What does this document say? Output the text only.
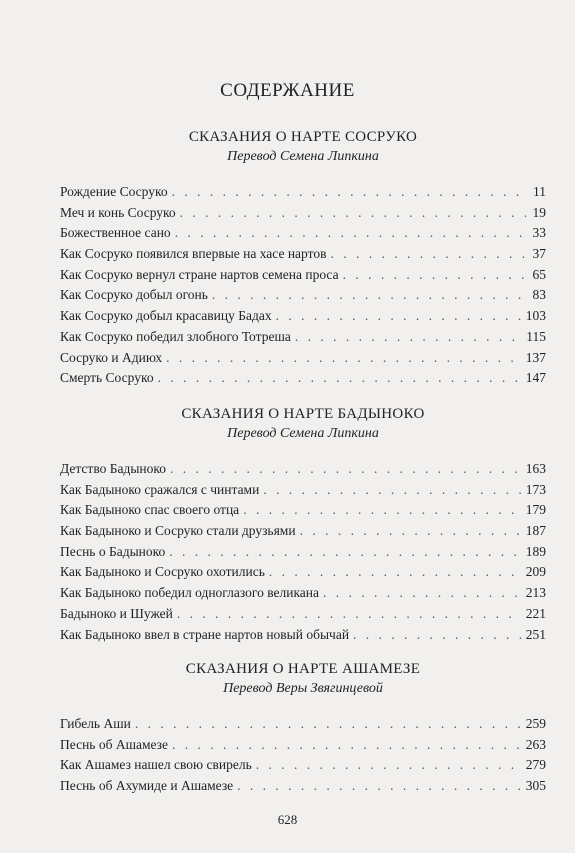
СОДЕРЖАНИЕ
СКАЗАНИЯ О НАРТЕ СОСРУКО
Перевод Семена Липкина
Рождение Сосруко . . .	11
Меч и конь Сосруко . . .	19
Божественное сано . . .	33
Как Сосруко появился впервые на хасе нартов . . .	37
Как Сосруко вернул стране нартов семена проса . . .	65
Как Сосруко добыл огонь . . .	83
Как Сосруко добыл красавицу Бадах . . .	103
Как Сосруко победил злобного Тотреша . . .	115
Сосруко и Адиюх . . .	137
Смерть Сосруко . . .	147
СКАЗАНИЯ О НАРТЕ БАДЫНОКО
Перевод Семена Липкина
Детство Бадыноко . . .	163
Как Бадыноко сражался с чинтами . . .	173
Как Бадыноко спас своего отца . . .	179
Как Бадыноко и Сосруко стали друзьями . . .	187
Песнь о Бадыноко . . .	189
Как Бадыноко и Сосруко охотились . . .	209
Как Бадыноко победил одноглазого великана . . .	213
Бадыноко и Шужей . . .	221
Как Бадыноко ввел в стране нартов новый обычай . . .	251
СКАЗАНИЯ О НАРТЕ АШАМЕЗЕ
Перевод Веры Звягинцевой
Гибель Аши . . .	259
Песнь об Ашамезе . . .	263
Как Ашамез нашел свою свирель . . .	279
Песнь об Ахумиде и Ашамезе . . .	305
628
